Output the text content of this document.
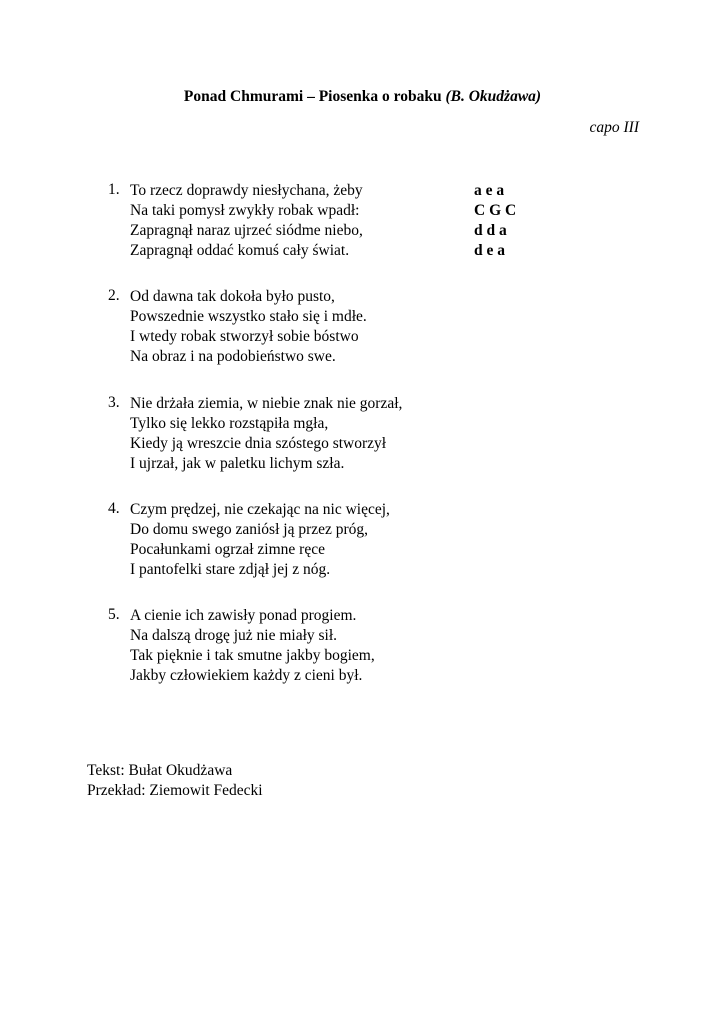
Ponad Chmurami – Piosenka o robaku (B. Okudżawa)
capo III
a e a
C G C
d d a
d e a
1. To rzecz doprawdy niesłychana, żeby
Na taki pomysł zwykły robak wpadł:
Zapragnął naraz ujrzeć siódme niebo,
Zapragnął oddać komuś cały świat.
2. Od dawna tak dokoła było pusto,
Powszednie wszystko stało się i mdłe.
I wtedy robak stworzył sobie bóstwo
Na obraz i na podobieństwo swe.
3. Nie drżała ziemia, w niebie znak nie gorzał,
Tylko się lekko rozstąpiła mgła,
Kiedy ją wreszcie dnia szóstego stworzył
I ujrzał, jak w paletku lichym szła.
4. Czym prędzej, nie czekając na nic więcej,
Do domu swego zaniósł ją przez próg,
Pocałunkami ogrzał zimne ręce
I pantofelki stare zdjął jej z nóg.
5. A cienie ich zawisły ponad progiem.
Na dalszą drogę już nie miały sił.
Tak pięknie i tak smutne jakby bogiem,
Jakby człowiekiem każdy z cieni był.
Tekst: Bułat Okudżawa
Przekład: Ziemowit Fedecki
